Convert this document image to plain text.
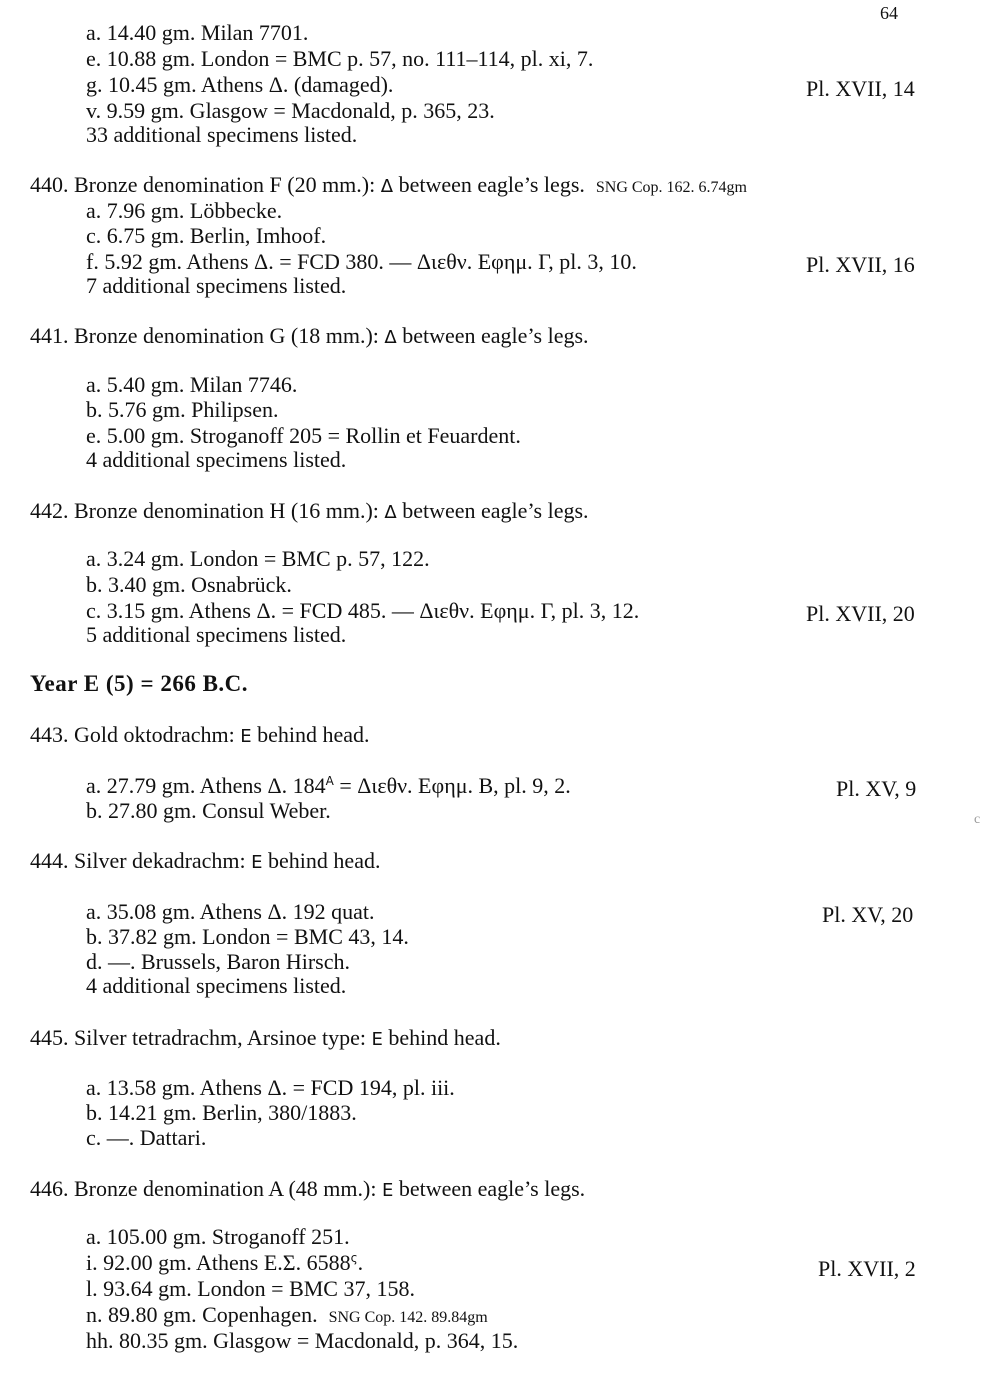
64
a. 14.40 gm. Milan 7701.
e. 10.88 gm. London = BMC p. 57, no. 111–114, pl. xi, 7.
g. 10.45 gm. Athens Δ. (damaged).	Pl. XVII, 14
v. 9.59 gm. Glasgow = Macdonald, p. 365, 23.
33 additional specimens listed.
440. Bronze denomination F (20 mm.): Δ between eagle’s legs. SNG Cop. 162. 6.74gm
a. 7.96 gm. Löbbecke.
c. 6.75 gm. Berlin, Imhoof.
f. 5.92 gm. Athens Δ. = FCD 380. — Διεθν. Εφημ. Γ, pl. 3, 10.	Pl. XVII, 16
7 additional specimens listed.
441. Bronze denomination G (18 mm.): Δ between eagle’s legs.
a. 5.40 gm. Milan 7746.
b. 5.76 gm. Philipsen.
e. 5.00 gm. Stroganoff 205 = Rollin et Feuardent.
4 additional specimens listed.
442. Bronze denomination H (16 mm.): Δ between eagle’s legs.
a. 3.24 gm. London = BMC p. 57, 122.
b. 3.40 gm. Osnabrück.
c. 3.15 gm. Athens Δ. = FCD 485. — Διεθν. Εφημ. Γ, pl. 3, 12.	Pl. XVII, 20
5 additional specimens listed.
Year E (5) = 266 B.C.
443. Gold oktodrachm: E behind head.
a. 27.79 gm. Athens Δ. $184^A = \Delta\iota\varepsilon\theta\nu$. Εφημ. Β, pl. 9, 2.	Pl. XV, 9
b. 27.80 gm. Consul Weber.
444. Silver dekadrachm: E behind head.
a. 35.08 gm. Athens Δ. 192 quat.	Pl. XV, 20
b. 37.82 gm. London = BMC 43, 14.
d. —. Brussels, Baron Hirsch.
4 additional specimens listed.
445. Silver tetradrachm, Arsinoe type: E behind head.
a. 13.58 gm. Athens Δ. = FCD 194, pl. iii.
b. 14.21 gm. Berlin, 380/1883.
c. —. Dattari.
446. Bronze denomination A (48 mm.): E between eagle’s legs.
a. 105.00 gm. Stroganoff 251.
i. 92.00 gm. Athens Ε.Σ. $6588^\varsigma$.	Pl. XVII, 2
l. 93.64 gm. London = BMC 37, 158.
n. 89.80 gm. Copenhagen. SNG Cop. 142. 89.84gm
hh. 80.35 gm. Glasgow = Macdonald, p. 364, 15.
c
